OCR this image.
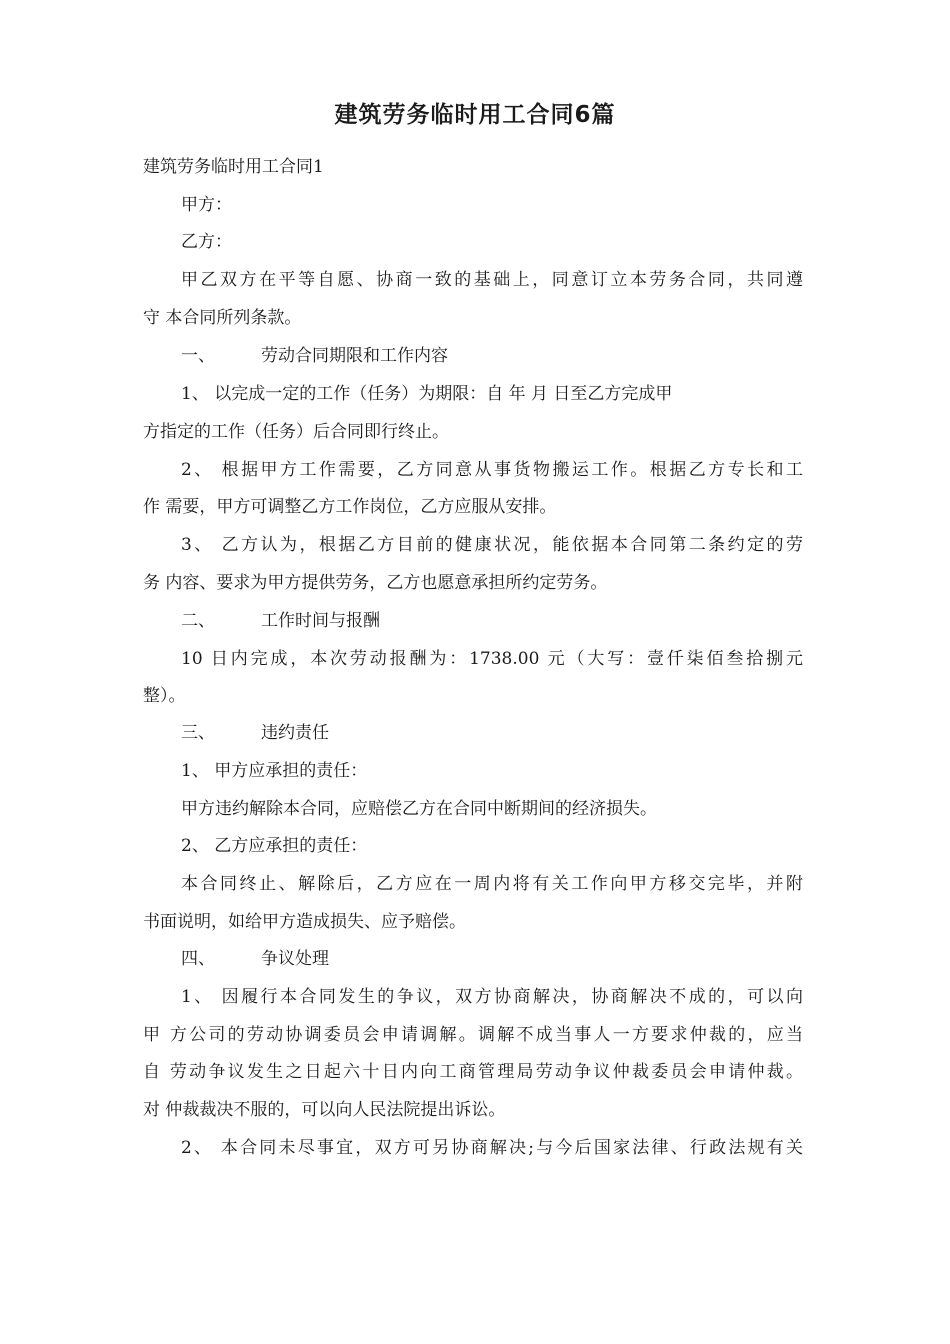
建筑劳务临时用工合同6篇
建筑劳务临时用工合同1
甲方：
乙方：
甲乙双方在平等自愿、协商一致的基础上，同意订立本劳务合同，共同遵
守 本合同所列条款。
一、	劳动合同期限和工作内容
1、 以完成一定的工作（任务）为期限：自 年 月 日至乙方完成甲
方指定的工作（任务）后合同即行终止。
2、 根据甲方工作需要，乙方同意从事货物搬运工作。根据乙方专长和工
作 需要，甲方可调整乙方工作岗位，乙方应服从安排。
3、 乙方认为，根据乙方目前的健康状况，能依据本合同第二条约定的劳
务 内容、要求为甲方提供劳务，乙方也愿意承担所约定劳务。
二、	工作时间与报酬
10 日内完成，本次劳动报酬为：1738.00 元（大写：壹仟柒佰叁拾捌元
整）。
三、	违约责任
1、 甲方应承担的责任：
甲方违约解除本合同，应赔偿乙方在合同中断期间的经济损失。
2、 乙方应承担的责任：
本合同终止、解除后，乙方应在一周内将有关工作向甲方移交完毕，并附
书面说明，如给甲方造成损失、应予赔偿。
四、	争议处理
1、 因履行本合同发生的争议，双方协商解决，协商解决不成的，可以向
甲 方公司的劳动协调委员会申请调解。调解不成当事人一方要求仲裁的，应当
自 劳动争议发生之日起六十日内向工商管理局劳动争议仲裁委员会申请仲裁。
对 仲裁裁决不服的，可以向人民法院提出诉讼。
2、 本合同未尽事宜，双方可另协商解决;与今后国家法律、行政法规有关
